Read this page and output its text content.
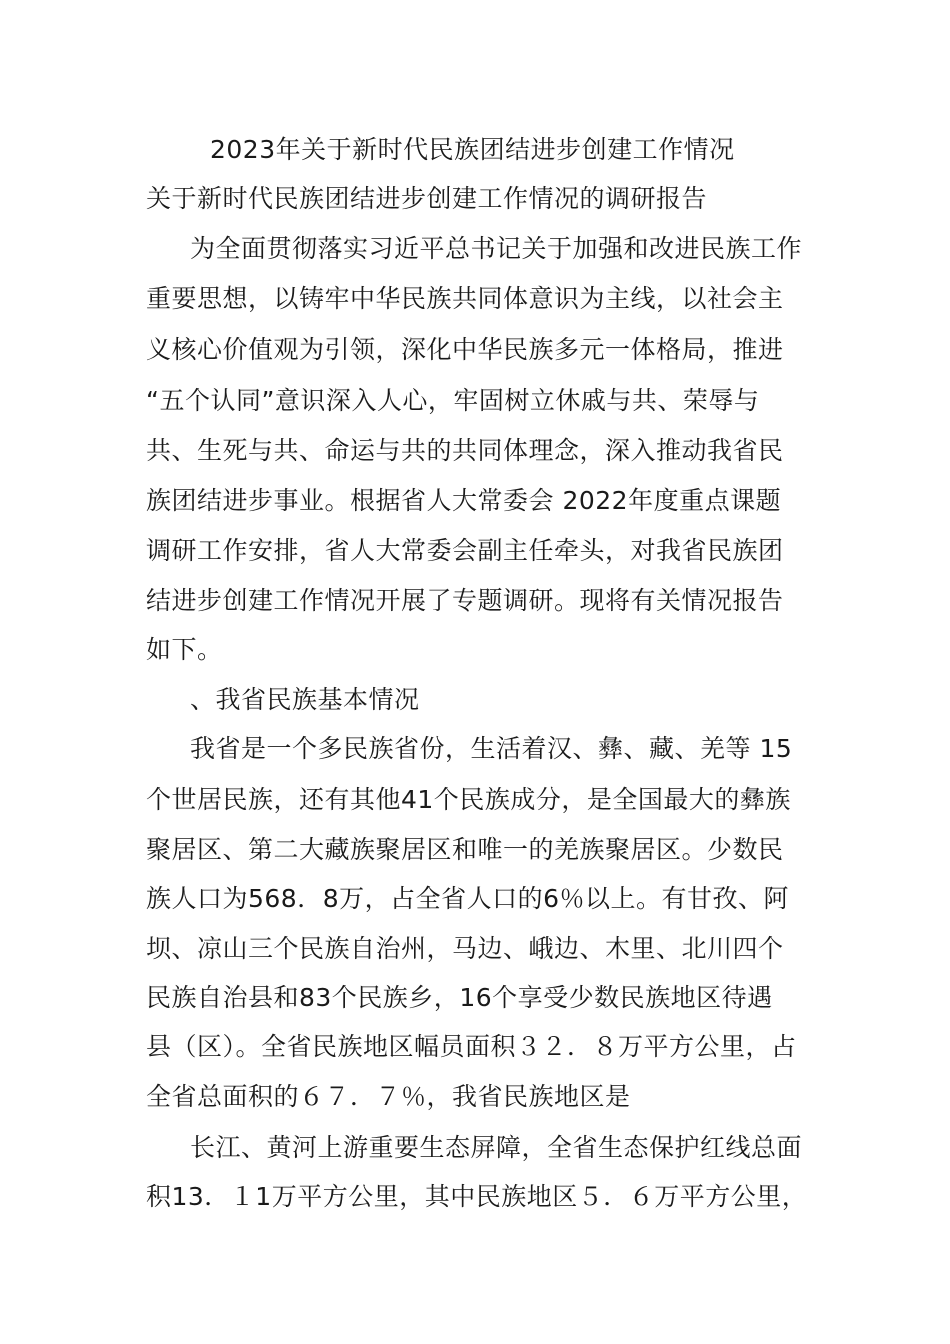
2023年关于新时代民族团结进步创建工作情况
关于新时代民族团结进步创建工作情况的调研报告
为全面贯彻落实习近平总书记关于加强和改进民族工作
重要思想，以铸牢中华民族共同体意识为主线，以社会主
义核心价值观为引领，深化中华民族多元一体格局，推进
“五个认同”意识深入人心，牢固树立休戚与共、荣辱与
共、生死与共、命运与共的共同体理念，深入推动我省民
族团结进步事业。根据省人大常委会 2022年度重点课题
调研工作安排，省人大常委会副主任牵头，对我省民族团
结进步创建工作情况开展了专题调研。现将有关情况报告
如下。
、我省民族基本情况
我省是一个多民族省份，生活着汉、彝、藏、羌等 15
个世居民族，还有其他41个民族成分，是全国最大的彝族
聚居区、第二大藏族聚居区和唯一的羌族聚居区。少数民
族人口为568．8万，占全省人口的6％以上。有甘孜、阿
坝、凉山三个民族自治州，马边、峨边、木里、北川四个
民族自治县和83个民族乡，16个享受少数民族地区待遇
县（区）。全省民族地区幅员面积３２．８万平方公里，占
全省总面积的６７．７％，我省民族地区是
长江、黄河上游重要生态屏障，全省生态保护红线总面
积13．１1万平方公里，其中民族地区５．６万平方公里，
